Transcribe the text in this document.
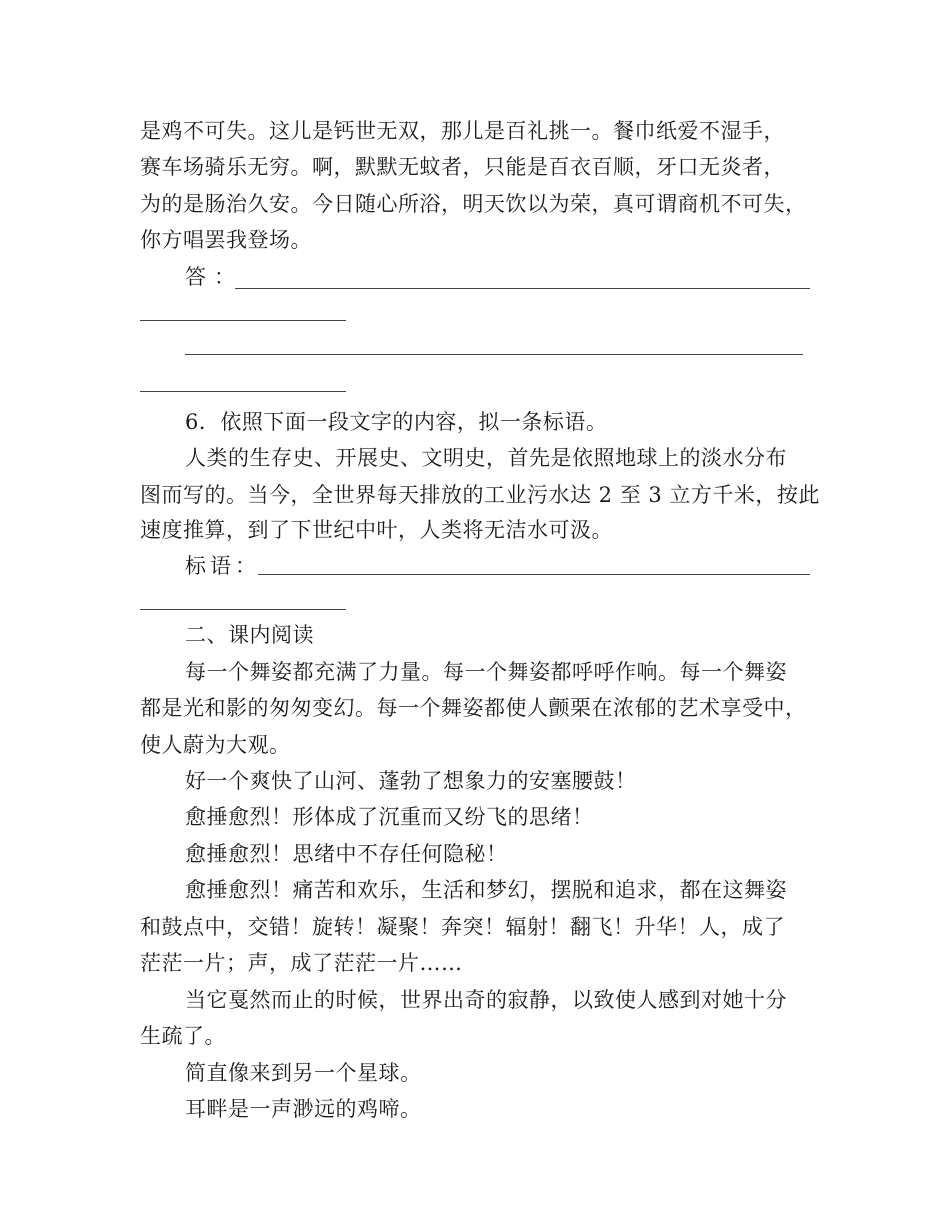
是鸡不可失。这儿是钙世无双，那儿是百礼挑一。餐巾纸爱不湿手，
赛车场骑乐无穷。啊，默默无蚊者，只能是百衣百顺，牙口无炎者，
为的是肠治久安。今日随心所浴，明天饮以为荣，真可谓商机不可失，
你方唱罢我登场。
答：
6．依照下面一段文字的内容，拟一条标语。
人类的生存史、开展史、文明史，首先是依照地球上的淡水分布
图而写的。当今，全世界每天排放的工业污水达 2 至 3 立方千米，按此
速度推算，到了下世纪中叶，人类将无洁水可汲。
标语：
二、课内阅读
每一个舞姿都充满了力量。每一个舞姿都呼呼作响。每一个舞姿
都是光和影的匆匆变幻。每一个舞姿都使人颤栗在浓郁的艺术享受中，
使人蔚为大观。
好一个爽快了山河、蓬勃了想象力的安塞腰鼓！
愈捶愈烈！形体成了沉重而又纷飞的思绪！
愈捶愈烈！思绪中不存任何隐秘！
愈捶愈烈！痛苦和欢乐，生活和梦幻，摆脱和追求，都在这舞姿
和鼓点中，交错！旋转！凝聚！奔突！辐射！翻飞！升华！人，成了
茫茫一片；声，成了茫茫一片……
当它戛然而止的时候，世界出奇的寂静，以致使人感到对她十分
生疏了。
简直像来到另一个星球。
耳畔是一声渺远的鸡啼。
